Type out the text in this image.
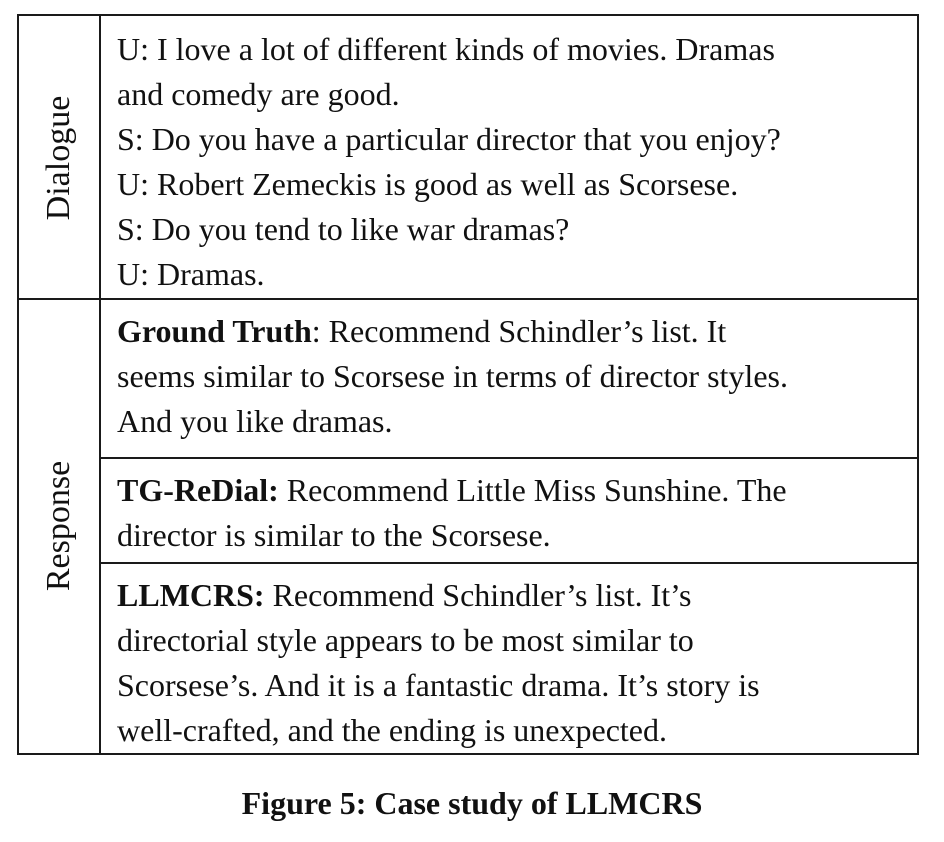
Dialogue
Response

U: I love a lot of different kinds of movies. Dramas

and comedy are good.

S: Do you have a particular director that you enjoy?

U: Robert Zemeckis is good as well as Scorsese.

S: Do you tend to like war dramas?

U: Dramas.

Ground Truth: Recommend Schindler’s list. It

seems similar to Scorsese in terms of director styles.

And you like dramas.

TG-ReDial: Recommend Little Miss Sunshine. The

director is similar to the Scorsese.

LLMCRS: Recommend Schindler’s list. It’s

directorial style appears to be most similar to

Scorsese’s. And it is a fantastic drama. It’s story is

well-crafted, and the ending is unexpected.

Figure 5: Case study of LLMCRS
